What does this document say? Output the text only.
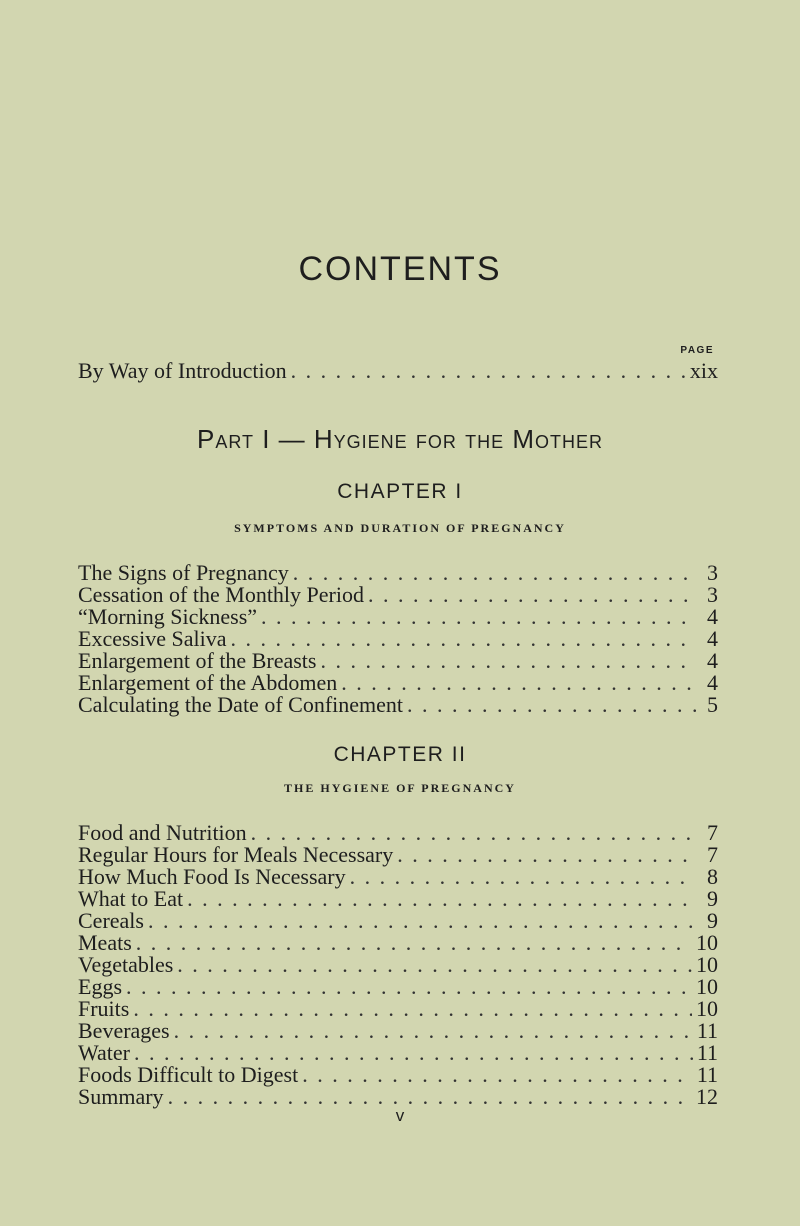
CONTENTS
PAGE
By Way of Introduction . . .	xix
Part I — Hygiene for the Mother
CHAPTER I
SYMPTOMS AND DURATION OF PREGNANCY
The Signs of Pregnancy . . .	3
Cessation of the Monthly Period . . .	3
“Morning Sickness” . . .	4
Excessive Saliva . . .	4
Enlargement of the Breasts . . .	4
Enlargement of the Abdomen . . .	4
Calculating the Date of Confinement . . .	5
CHAPTER II
THE HYGIENE OF PREGNANCY
Food and Nutrition . . .	7
Regular Hours for Meals Necessary . . .	7
How Much Food Is Necessary . . .	8
What to Eat . . .	9
Cereals . . .	9
Meats . . .	10
Vegetables . . .	10
Eggs . . .	10
Fruits . . .	10
Beverages . . .	11
Water . . .	11
Foods Difficult to Digest . . .	11
Summary . . .	12
v
